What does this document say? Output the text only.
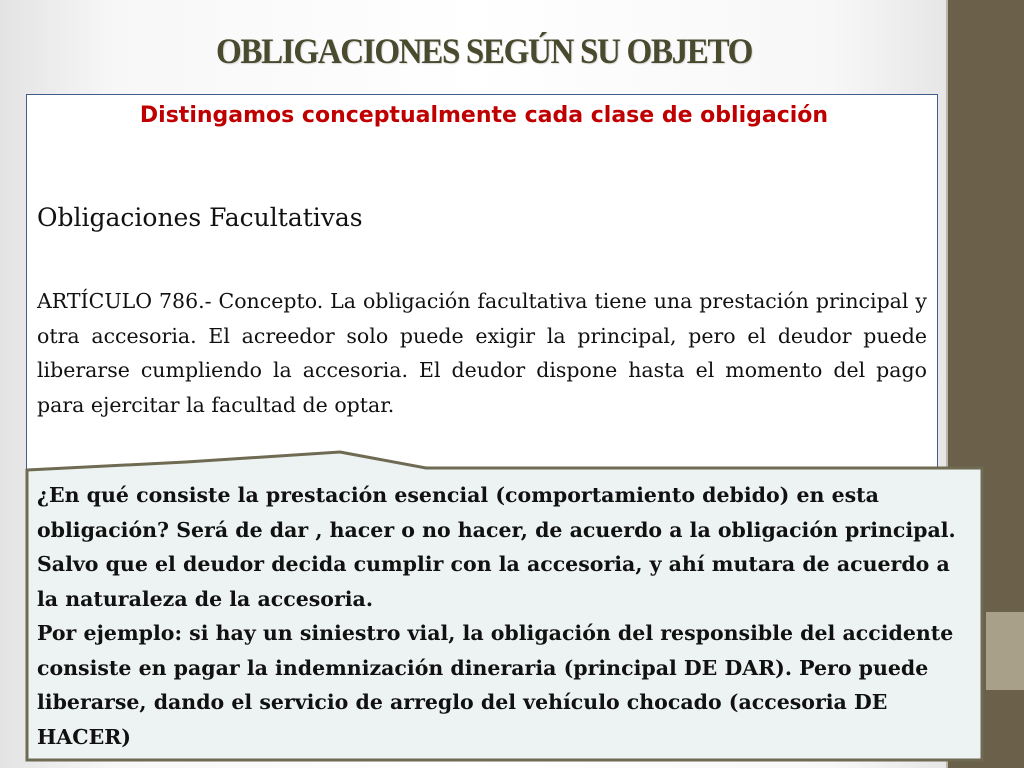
OBLIGACIONES SEGÚN SU OBJETO
Distingamos conceptualmente cada clase de obligación
Obligaciones Facultativas
ARTÍCULO 786.- Concepto. La obligación facultativa tiene una prestación principal y otra accesoria. El acreedor solo puede exigir la principal, pero el deudor puede liberarse cumpliendo la accesoria. El deudor dispone hasta el momento del pago para ejercitar la facultad de optar.

¿En qué consiste la prestación esencial (comportamiento debido) en esta obligación? Será de dar , hacer o no hacer, de acuerdo a la obligación principal. Salvo que el deudor decida cumplir con la accesoria, y ahí mutara de acuerdo a la naturaleza de la accesoria.

Por ejemplo: si hay un siniestro vial, la obligación del responsible del accidente consiste en pagar la indemnización dineraria (principal DE DAR). Pero puede liberarse, dando el servicio de arreglo del vehículo chocado (accesoria DE HACER)
